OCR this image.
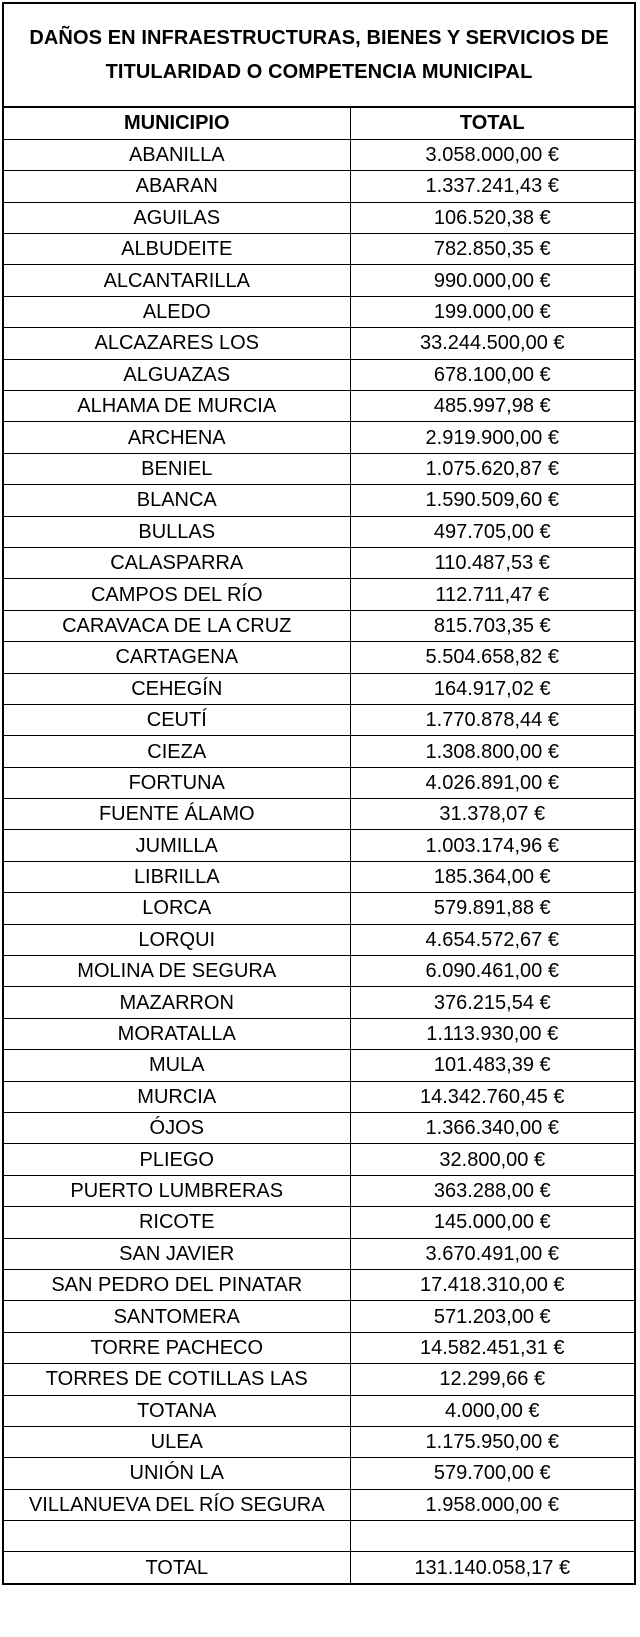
DAÑOS EN INFRAESTRUCTURAS, BIENES Y SERVICIOS DE
TITULARIDAD O COMPETENCIA MUNICIPAL
MUNICIPIO	TOTAL
ABANILLA	3.058.000,00 €
ABARAN	1.337.241,43 €
AGUILAS	106.520,38 €
ALBUDEITE	782.850,35 €
ALCANTARILLA	990.000,00 €
ALEDO	199.000,00 €
ALCAZARES LOS	33.244.500,00 €
ALGUAZAS	678.100,00 €
ALHAMA DE MURCIA	485.997,98 €
ARCHENA	2.919.900,00 €
BENIEL	1.075.620,87 €
BLANCA	1.590.509,60 €
BULLAS	497.705,00 €
CALASPARRA	110.487,53 €
CAMPOS DEL RÍO	112.711,47 €
CARAVACA DE LA CRUZ	815.703,35 €
CARTAGENA	5.504.658,82 €
CEHEGÍN	164.917,02 €
CEUTÍ	1.770.878,44 €
CIEZA	1.308.800,00 €
FORTUNA	4.026.891,00 €
FUENTE ÁLAMO	31.378,07 €
JUMILLA	1.003.174,96 €
LIBRILLA	185.364,00 €
LORCA	579.891,88 €
LORQUI	4.654.572,67 €
MOLINA DE SEGURA	6.090.461,00 €
MAZARRON	376.215,54 €
MORATALLA	1.113.930,00 €
MULA	101.483,39 €
MURCIA	14.342.760,45 €
ÓJOS	1.366.340,00 €
PLIEGO	32.800,00 €
PUERTO LUMBRERAS	363.288,00 €
RICOTE	145.000,00 €
SAN JAVIER	3.670.491,00 €
SAN PEDRO DEL PINATAR	17.418.310,00 €
SANTOMERA	571.203,00 €
TORRE PACHECO	14.582.451,31 €
TORRES DE COTILLAS LAS	12.299,66 €
TOTANA	4.000,00 €
ULEA	1.175.950,00 €
UNIÓN LA	579.700,00 €
VILLANUEVA DEL RÍO SEGURA	1.958.000,00 €

TOTAL	131.140.058,17 €
